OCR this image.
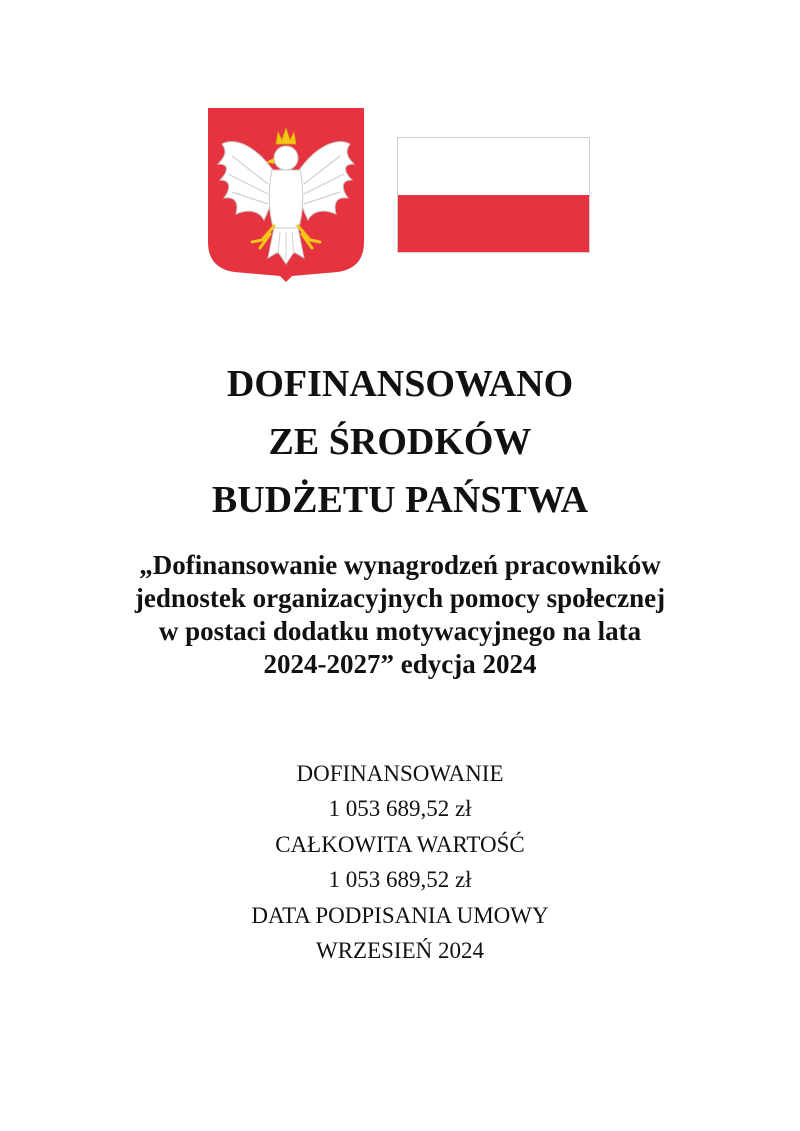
DOFINANSOWANO
ZE ŚRODKÓW
BUDŻETU PAŃSTWA
„Dofinansowanie wynagrodzeń pracowników
jednostek organizacyjnych pomocy społecznej
w postaci dodatku motywacyjnego na lata
2024-2027” edycja 2024
DOFINANSOWANIE
1 053 689,52 zł
CAŁKOWITA WARTOŚĆ
1 053 689,52 zł
DATA PODPISANIA UMOWY
WRZESIEŃ 2024
